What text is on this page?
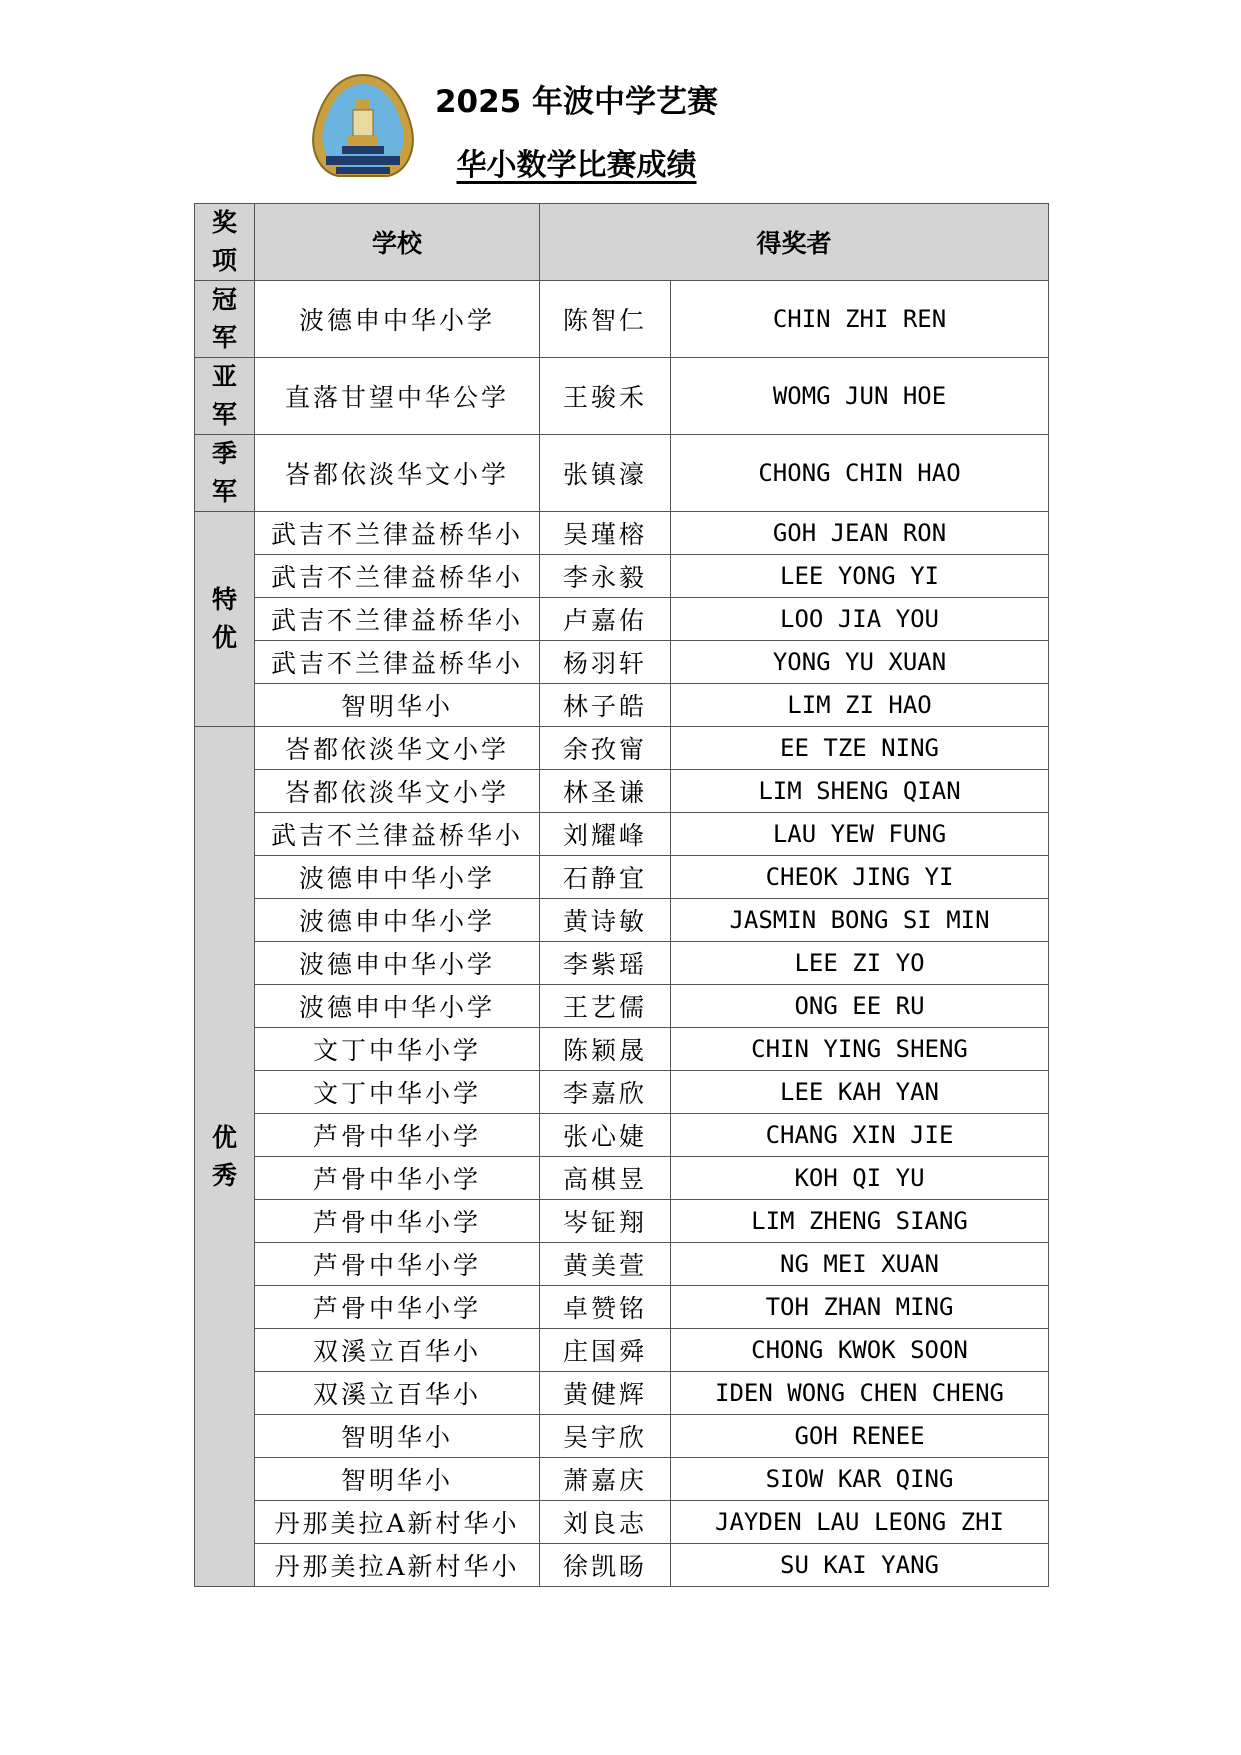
2025 年波中学艺赛
华小数学比赛成绩
奖项	学校	得奖者	
冠军	波德申中华小学	陈智仁	CHIN ZHI REN
亚军	直落甘望中华公学	王骏禾	WOMG JUN HOE
季军	峇都依淡华文小学	张镇濠	CHONG CHIN HAO
特优	武吉不兰律益桥华小	吴瑾榕	GOH JEAN RON
	武吉不兰律益桥华小	李永毅	LEE YONG YI
	武吉不兰律益桥华小	卢嘉佑	LOO JIA YOU
	武吉不兰律益桥华小	杨羽轩	YONG YU XUAN
	智明华小	林子皓	LIM ZI HAO
优秀	峇都依淡华文小学	余孜甯	EE TZE NING
	峇都依淡华文小学	林圣谦	LIM SHENG QIAN
	武吉不兰律益桥华小	刘耀峰	LAU YEW FUNG
	波德申中华小学	石静宜	CHEOK JING YI
	波德申中华小学	黄诗敏	JASMIN BONG SI MIN
	波德申中华小学	李紫瑶	LEE ZI YO
	波德申中华小学	王艺儒	ONG EE RU
	文丁中华小学	陈颖晟	CHIN YING SHENG
	文丁中华小学	李嘉欣	LEE KAH YAN
	芦骨中华小学	张心婕	CHANG XIN JIE
	芦骨中华小学	高棋昱	KOH QI YU
	芦骨中华小学	岑钲翔	LIM ZHENG SIANG
	芦骨中华小学	黄美萱	NG MEI XUAN
	芦骨中华小学	卓赞铭	TOH ZHAN MING
	双溪立百华小	庄国舜	CHONG KWOK SOON
	双溪立百华小	黄健辉	IDEN WONG CHEN CHENG
	智明华小	吴宇欣	GOH RENEE
	智明华小	萧嘉庆	SIOW KAR QING
	丹那美拉A新村华小	刘良志	JAYDEN LAU LEONG ZHI
	丹那美拉A新村华小	徐凯旸	SU KAI YANG
